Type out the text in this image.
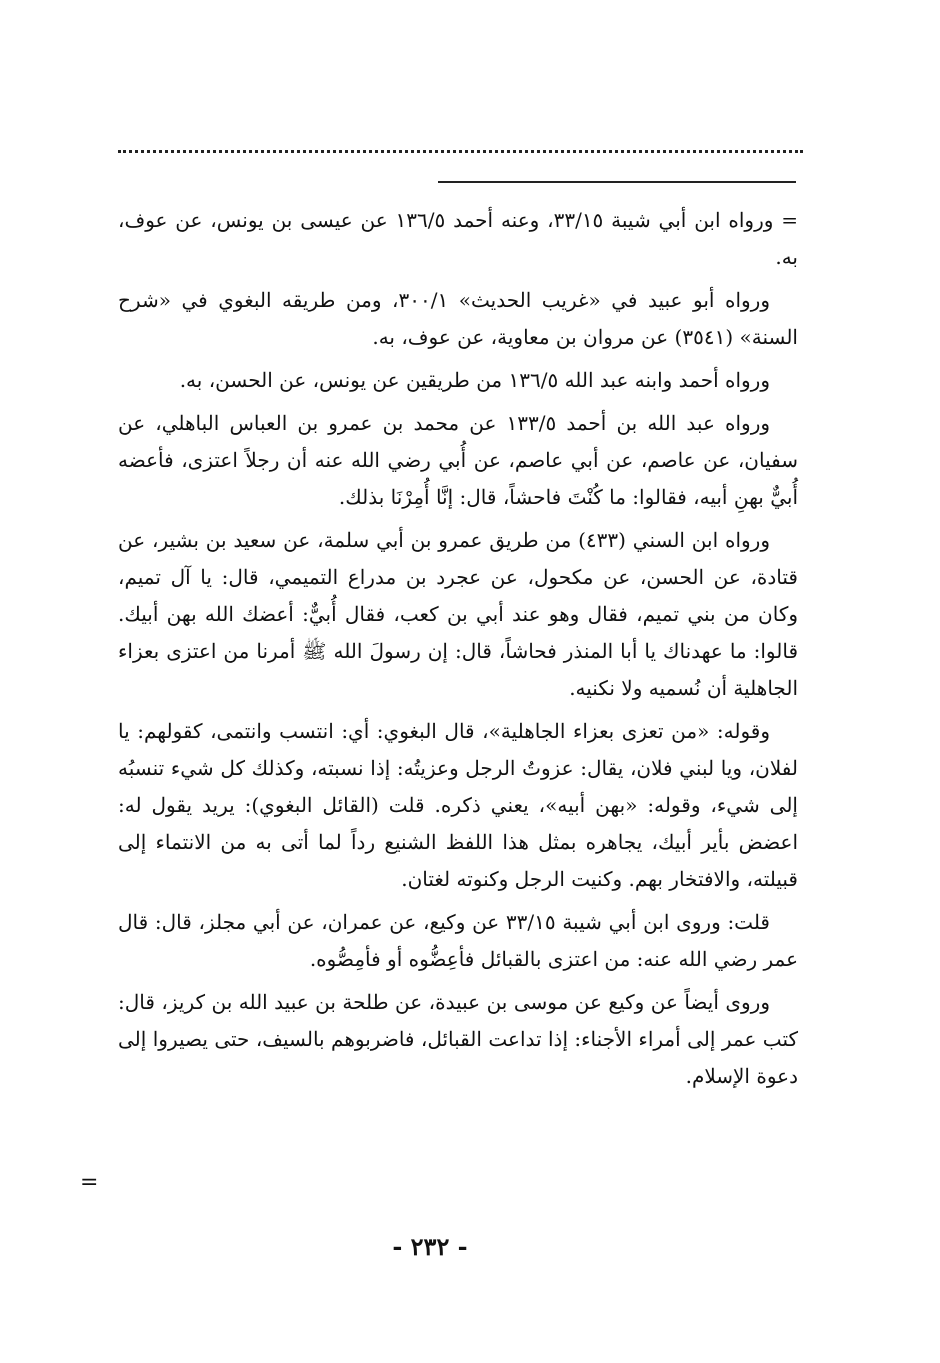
= ورواه ابن أبي شيبة ٣٣/١٥، وعنه أحمد ١٣٦/٥ عن عيسى بن يونس، عن عوف، به.

ورواه أبو عبيد في «غريب الحديث» ٣٠٠/١، ومن طريقه البغوي في «شرح السنة» (٣٥٤١) عن مروان بن معاوية، عن عوف، به.

ورواه أحمد وابنه عبد الله ١٣٦/٥ من طريقين عن يونس، عن الحسن، به.

ورواه عبد الله بن أحمد ١٣٣/٥ عن محمد بن عمرو بن العباس الباهلي، عن سفيان، عن عاصم، عن أبي عاصم، عن أُبي رضي الله عنه أن رجلاً اعتزى، فأعضه أُبيٌّ بهنِ أبيه، فقالوا: ما كُنْتَ فاحشاً، قال: إنَّا أُمِرْنَا بذلك.

ورواه ابن السني (٤٣٣) من طريق عمرو بن أبي سلمة، عن سعيد بن بشير، عن قتادة، عن الحسن، عن مكحول، عن عجرد بن مدراع التميمي، قال: يا آل تميم، وكان من بني تميم، فقال وهو عند أبي بن كعب، فقال أُبيٌّ: أعضك الله بهن أبيك. قالوا: ما عهدناك يا أبا المنذر فحاشاً، قال: إن رسولَ الله ﷺ أمرنا من اعتزى بعزاء الجاهلية أن نُسميه ولا نكنيه.

وقوله: «من تعزى بعزاء الجاهلية»، قال البغوي: أي: انتسب وانتمى، كقولهم: يا لفلان، ويا لبني فلان، يقال: عزوتُ الرجل وعزيتُه: إذا نسبته، وكذلك كل شيء تنسبُه إلى شيء، وقوله: «بهن أبيه»، يعني ذكره. قلت (القائل البغوي): يريد يقول له: اعضض بأير أبيك، يجاهره بمثل هذا اللفظ الشنيع رداً لما أتى به من الانتماء إلى قبيلته، والافتخار بهم. وكنيت الرجل وكنوته لغتان.

قلت: وروى ابن أبي شيبة ٣٣/١٥ عن وكيع، عن عمران، عن أبي مجلز، قال: قال عمر رضي الله عنه: من اعتزى بالقبائل فأعِضُّوه أو فأمِصُّوه.

وروى أيضاً عن وكيع عن موسى بن عبيدة، عن طلحة بن عبيد الله بن كريز، قال: كتب عمر إلى أمراء الأجناء: إذا تداعت القبائل، فاضربوهم بالسيف، حتى يصيروا إلى دعوة الإسلام.

=
- ٢٣٢ -
